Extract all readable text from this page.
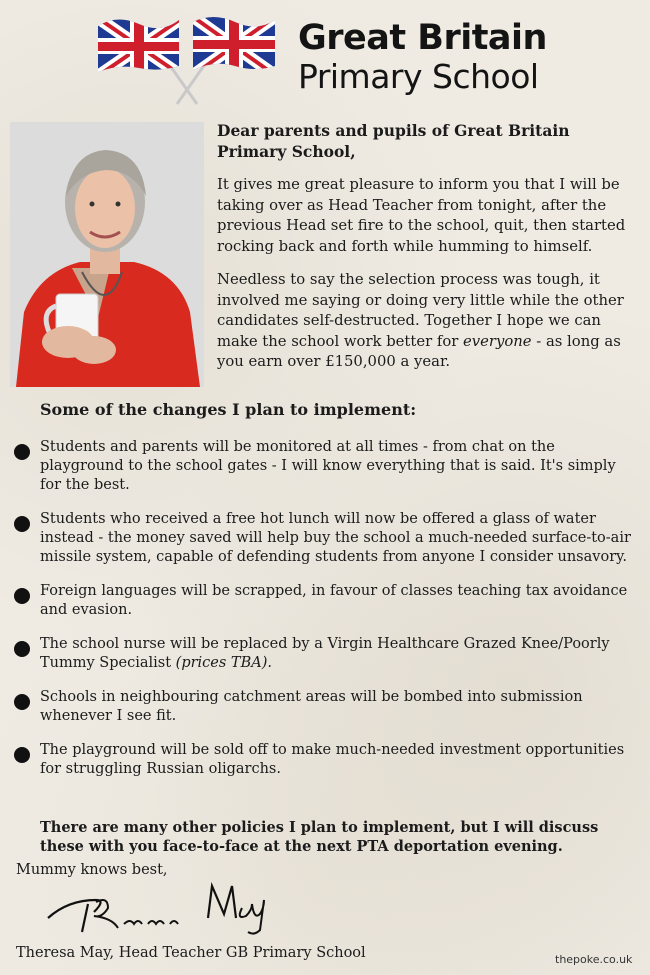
Great Britain
Primary School

Dear parents and pupils of Great Britain Primary School,

It gives me great pleasure to inform you that I will be taking over as Head Teacher from tonight, after the previous Head set fire to the school, quit, then started rocking back and forth while humming to himself.

Needless to say the selection process was tough, it involved me saying or doing very little while the other candidates self-destructed. Together I hope we can make the school work better for everyone - as long as you earn over £150,000 a year.

Some of the changes I plan to implement:
Students and parents will be monitored at all times - from chat on the playground to the school gates - I will know everything that is said. It's simply for the best.
Students who received a free hot lunch will now be offered a glass of water instead - the money saved will help buy the school a much-needed surface-to-air missile system, capable of defending students from anyone I consider unsavory.
Foreign languages will be scrapped, in favour of classes teaching tax avoidance and evasion.
The school nurse will be replaced by a Virgin Healthcare Grazed Knee/Poorly Tummy Specialist (prices TBA).
Schools in neighbouring catchment areas will be bombed into submission whenever I see fit.
The playground will be sold off to make much-needed investment opportunities for struggling Russian oligarchs.

There are many other policies I plan to implement, but I will discuss these with you face-to-face at the next PTA deportation evening.

Mummy knows best,

Theresa May, Head Teacher GB Primary School	thepoke.co.uk
